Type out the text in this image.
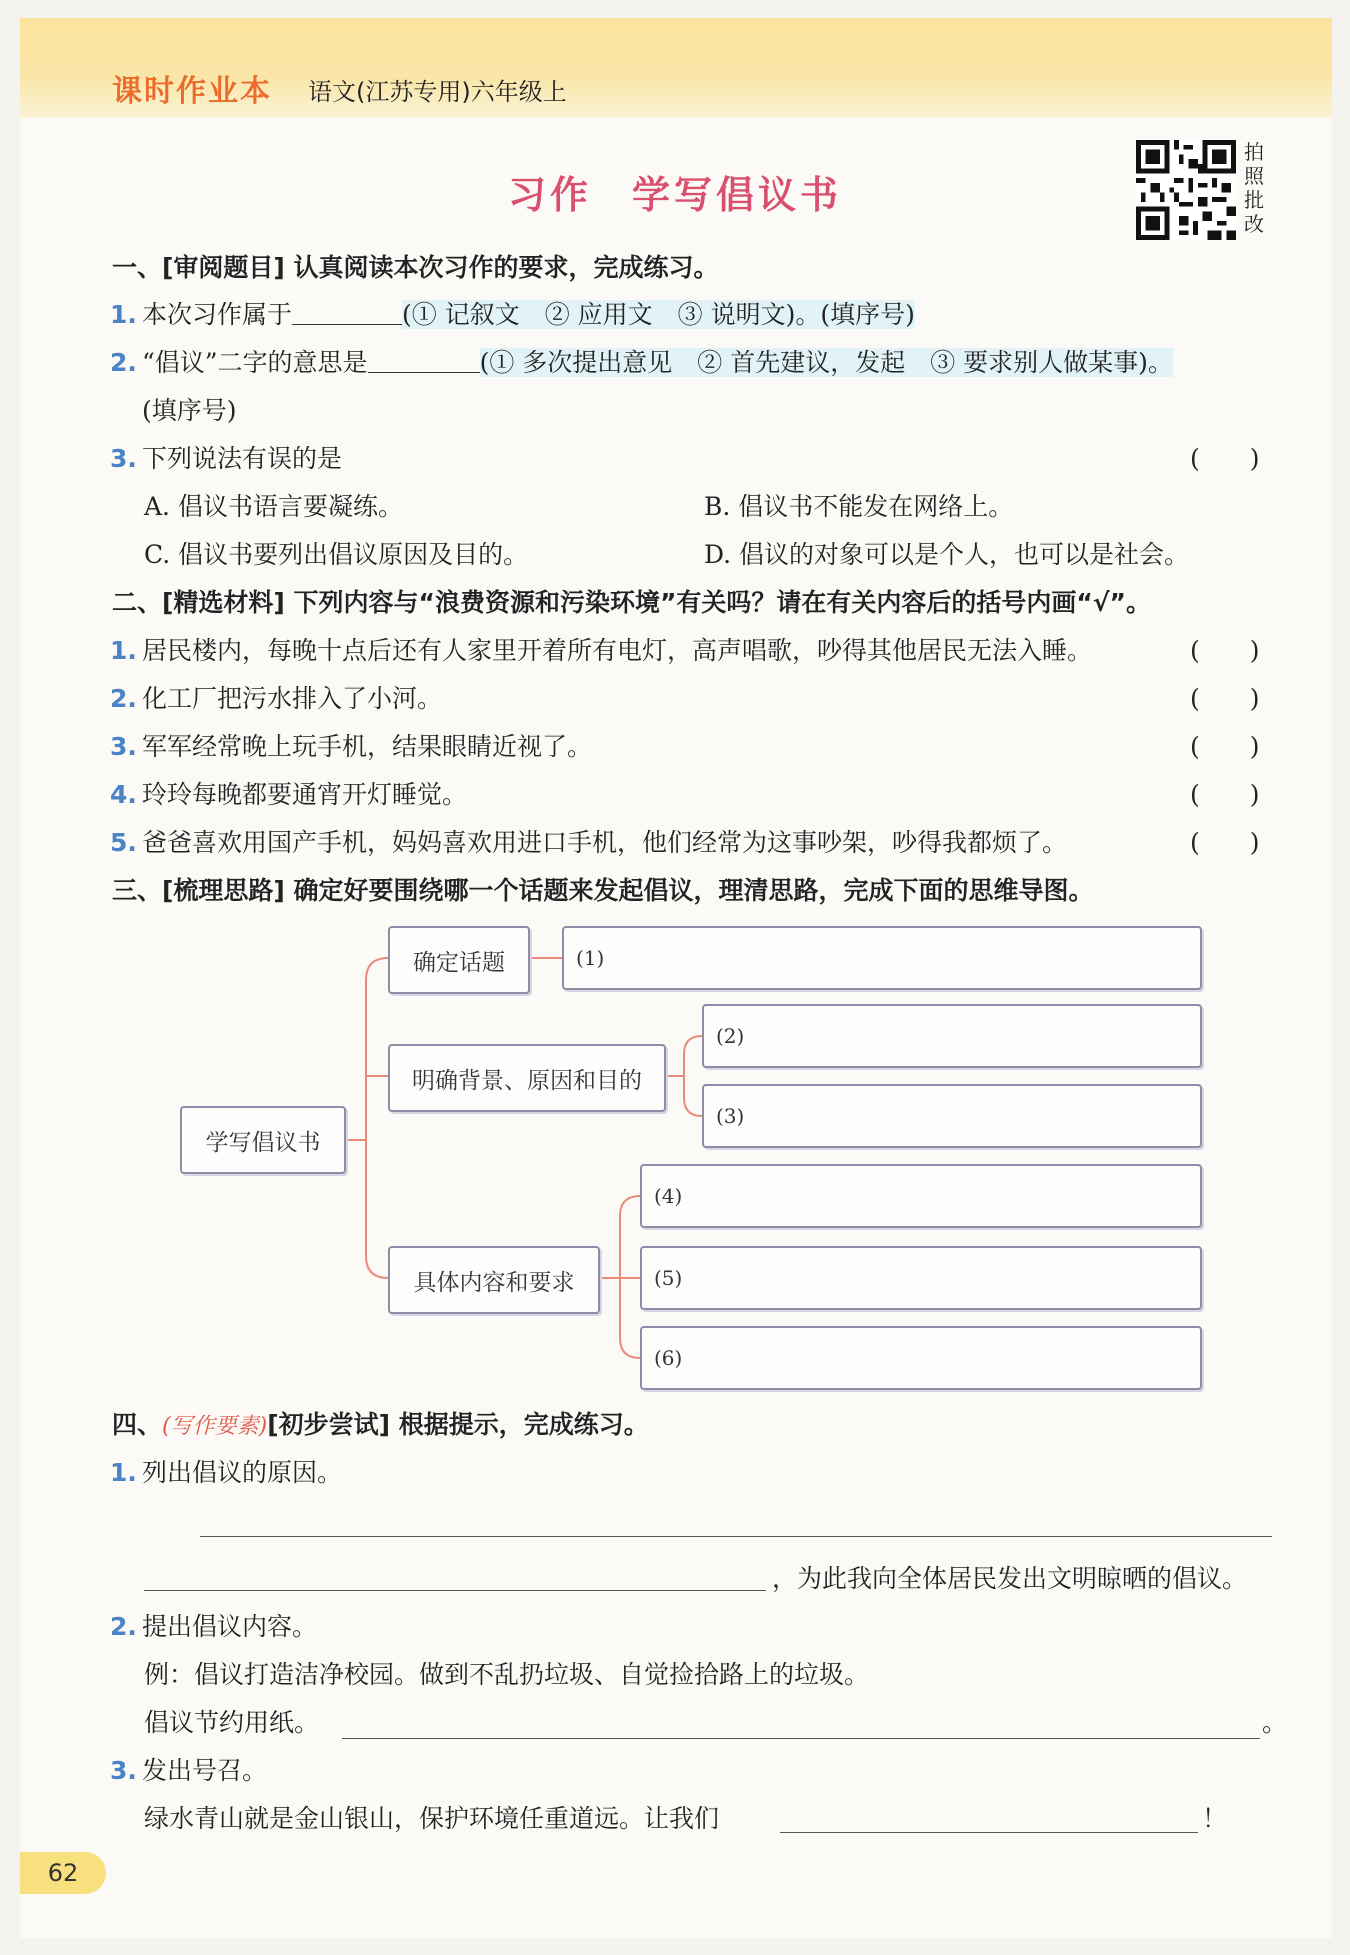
课时作业本 语文(江苏专用)六年级上
习作 学写倡议书
拍照批改
一、[审阅题目] 认真阅读本次习作的要求，完成练习。
1. 本次习作属于	(① 记叙文　② 应用文　③ 说明文)。(填序号)
2. “倡议”二字的意思是	(① 多次提出意见　② 首先建议，发起　③ 要求别人做某事)。
(填序号)
3. 下列说法有误的是	(　　)
A. 倡议书语言要凝练。	B. 倡议书不能发在网络上。
C. 倡议书要列出倡议原因及目的。	D. 倡议的对象可以是个人，也可以是社会。
二、[精选材料] 下列内容与“浪费资源和污染环境”有关吗？请在有关内容后的括号内画“√”。
1. 居民楼内，每晚十点后还有人家里开着所有电灯，高声唱歌，吵得其他居民无法入睡。	(　　)
2. 化工厂把污水排入了小河。	(　　)
3. 军军经常晚上玩手机，结果眼睛近视了。	(　　)
4. 玲玲每晚都要通宵开灯睡觉。	(　　)
5. 爸爸喜欢用国产手机，妈妈喜欢用进口手机，他们经常为这事吵架，吵得我都烦了。	(　　)
三、[梳理思路] 确定好要围绕哪一个话题来发起倡议，理清思路，完成下面的思维导图。
学写倡议书
确定话题
明确背景、原因和目的
具体内容和要求
(1)
(2)
(3)
(4)
(5)
(6)
四、(写作要素)[初步尝试] 根据提示，完成练习。
1. 列出倡议的原因。
，为此我向全体居民发出文明晾晒的倡议。
2. 提出倡议内容。
例：倡议打造洁净校园。做到不乱扔垃圾、自觉捡拾路上的垃圾。
倡议节约用纸。	。
3. 发出号召。
绿水青山就是金山银山，保护环境任重道远。让我们	！
62
